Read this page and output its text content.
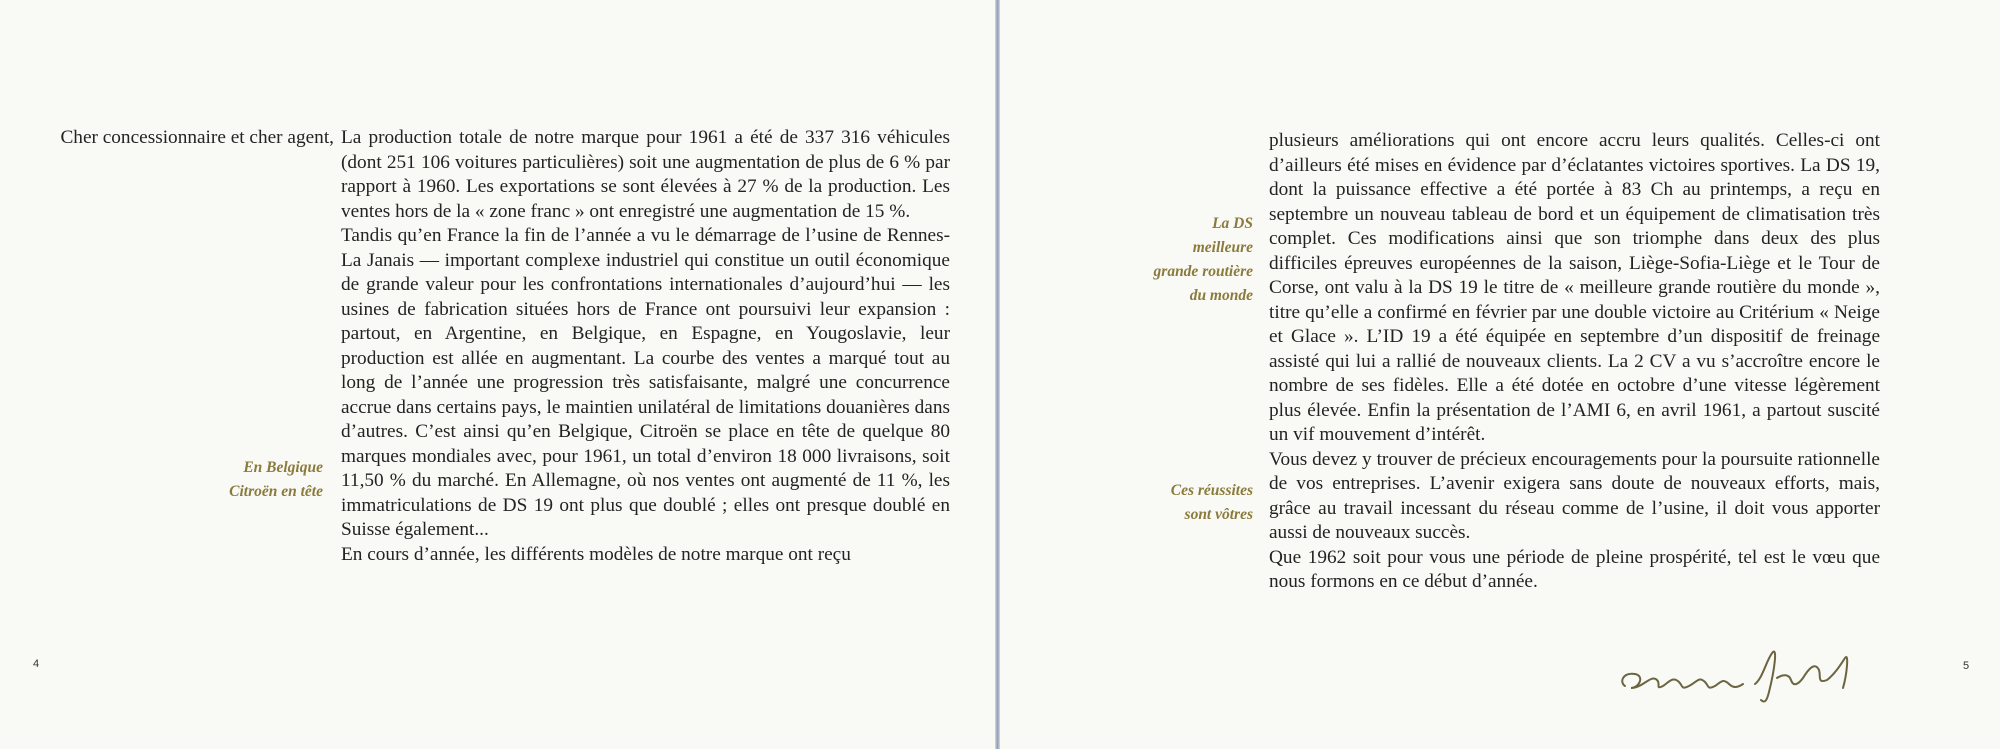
Cher concessionnaire et cher agent,
En Belgique
Citroën en tête

La production totale de notre marque pour 1961 a été de 337 316 véhicules (dont 251 106 voitures particulières) soit une augmentation de plus de 6 % par rapport à 1960. Les exportations se sont élevées à 27 % de la production. Les ventes hors de la « zone franc » ont enregistré une augmentation de 15 %.

Tandis qu’en France la fin de l’année a vu le démarrage de l’usine de Rennes-La Janais — important complexe industriel qui constitue un outil économique de grande valeur pour les confrontations internationales d’aujourd’hui — les usines de fabrication situées hors de France ont poursuivi leur expansion : partout, en Argentine, en Belgique, en Espagne, en Yougoslavie, leur production est allée en augmentant. La courbe des ventes a marqué tout au long de l’année une progression très satisfaisante, malgré une concurrence accrue dans certains pays, le maintien unilatéral de limitations douanières dans d’autres. C’est ainsi qu’en Belgique, Citroën se place en tête de quelque 80 marques mondiales avec, pour 1961, un total d’environ 18 000 livraisons, soit 11,50 % du marché. En Allemagne, où nos ventes ont augmenté de 11 %, les immatriculations de DS 19 ont plus que doublé ; elles ont presque doublé en Suisse également...

En cours d’année, les différents modèles de notre marque ont reçu

4
La DS
meilleure
grande routière
du monde
Ces réussites
sont vôtres

plusieurs améliorations qui ont encore accru leurs qualités. Celles-ci ont d’ailleurs été mises en évidence par d’éclatantes victoires sportives. La DS 19, dont la puissance effective a été portée à 83 Ch au printemps, a reçu en septembre un nouveau tableau de bord et un équipement de climatisation très complet. Ces modifications ainsi que son triomphe dans deux des plus difficiles épreuves européennes de la saison, Liège-Sofia-Liège et le Tour de Corse, ont valu à la DS 19 le titre de « meilleure grande routière du monde », titre qu’elle a confirmé en février par une double victoire au Critérium « Neige et Glace ». L’ID 19 a été équipée en septembre d’un dispositif de freinage assisté qui lui a rallié de nouveaux clients. La 2 CV a vu s’accroître encore le nombre de ses fidèles. Elle a été dotée en octobre d’une vitesse légèrement plus élevée. Enfin la présentation de l’AMI 6, en avril 1961, a partout suscité un vif mouvement d’intérêt.

Vous devez y trouver de précieux encouragements pour la poursuite rationnelle de vos entreprises. L’avenir exigera sans doute de nouveaux efforts, mais, grâce au travail incessant du réseau comme de l’usine, il doit vous apporter aussi de nouveaux succès.

Que 1962 soit pour vous une période de pleine prospérité, tel est le vœu que nous formons en ce début d’année.

5
